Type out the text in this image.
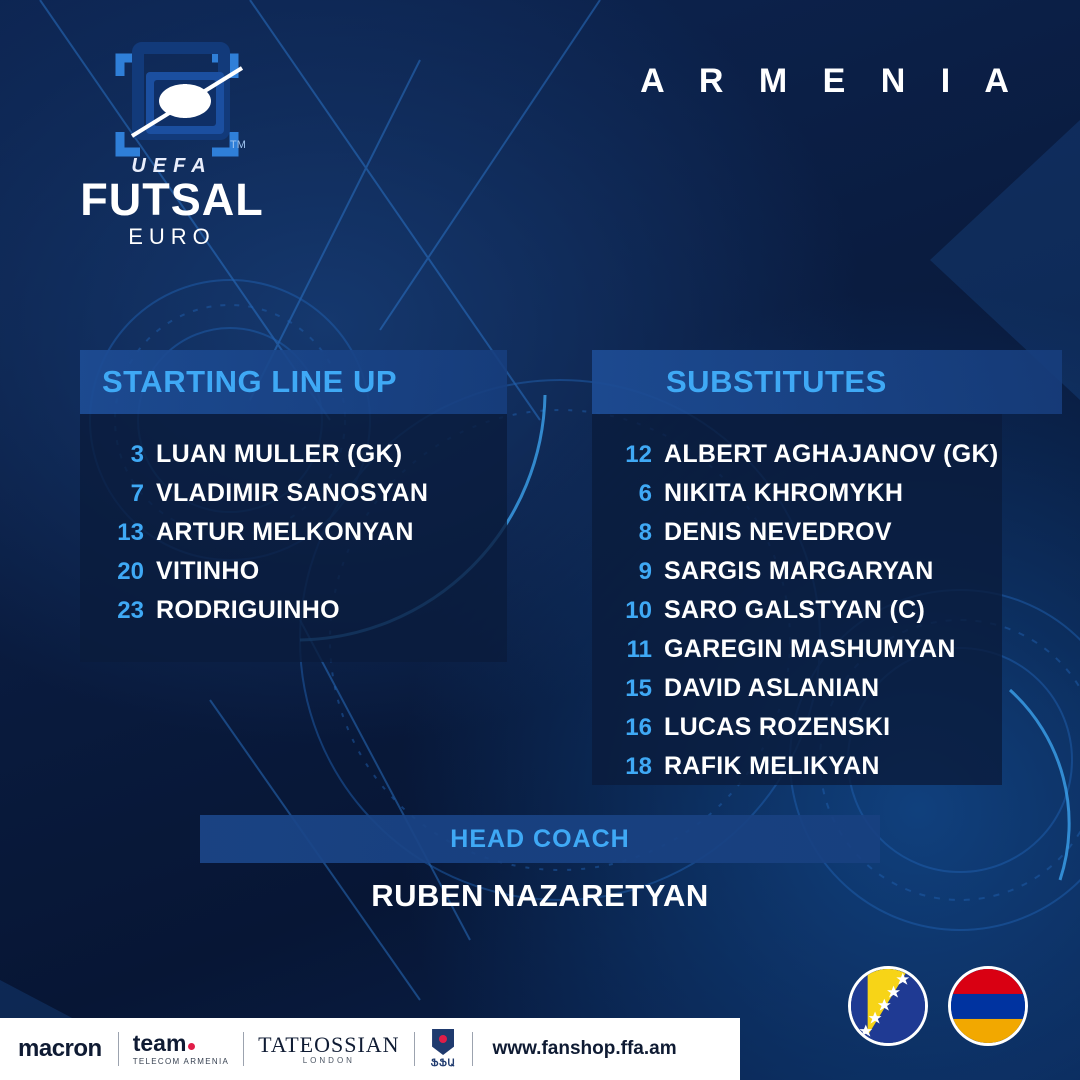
TM
UEFA
FUTSAL
EURO
A R M E N I A
STARTING LINE UP
3 LUAN MULLER (GK)
7 VLADIMIR SANOSYAN
13 ARTUR MELKONYAN
20 VITINHO
23 RODRIGUINHO
SUBSTITUTES
12 ALBERT AGHAJANOV (GK)
6 NIKITA KHROMYKH
8 DENIS NEVEDROV
9 SARGIS MARGARYAN
10 SARO GALSTYAN (C)
11 GAREGIN MASHUMYAN
15 DAVID ASLANIAN
16 LUCAS ROZENSKI
18 RAFIK MELIKYAN
HEAD COACH
RUBEN NAZARETYAN
macron	team
TELECOM ARMENIA
TATEOSSIAN
LONDON	ՖՖԱ
www.fanshop.ffa.am
